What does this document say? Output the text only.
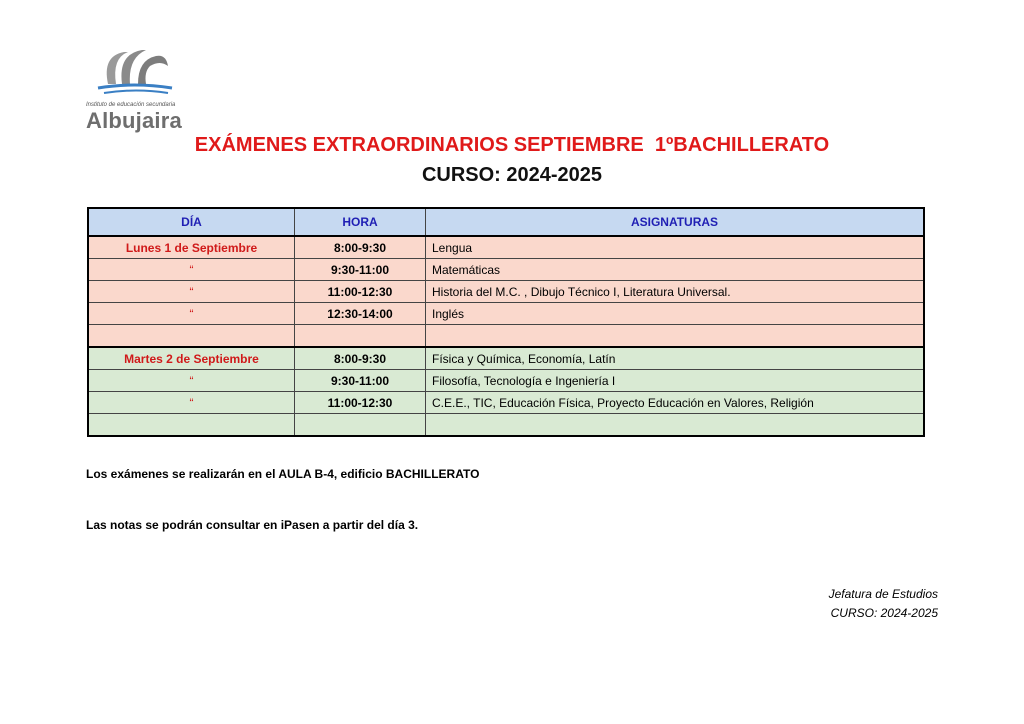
Instituto de educación secundaria
Albujaira
EXÁMENES EXTRAORDINARIOS SEPTIEMBRE  1ºBACHILLERATO
CURSO: 2024-2025
DÍA	HORA	ASIGNATURAS
Lunes 1 de Septiembre	8:00-9:30	Lengua
“	9:30-11:00	Matemáticas
“	11:00-12:30	Historia del M.C. , Dibujo Técnico I, Literatura Universal.
“	12:30-14:00	Inglés

Martes 2 de Septiembre	8:00-9:30	Física y Química, Economía, Latín
“	9:30-11:00	Filosofía, Tecnología e Ingeniería I
“	11:00-12:30	C.E.E., TIC, Educación Física, Proyecto Educación en Valores, Religión

Los exámenes se realizarán en el AULA B-4, edificio BACHILLERATO
Las notas se podrán consultar en iPasen a partir del día 3.
Jefatura de Estudios
CURSO: 2024-2025
